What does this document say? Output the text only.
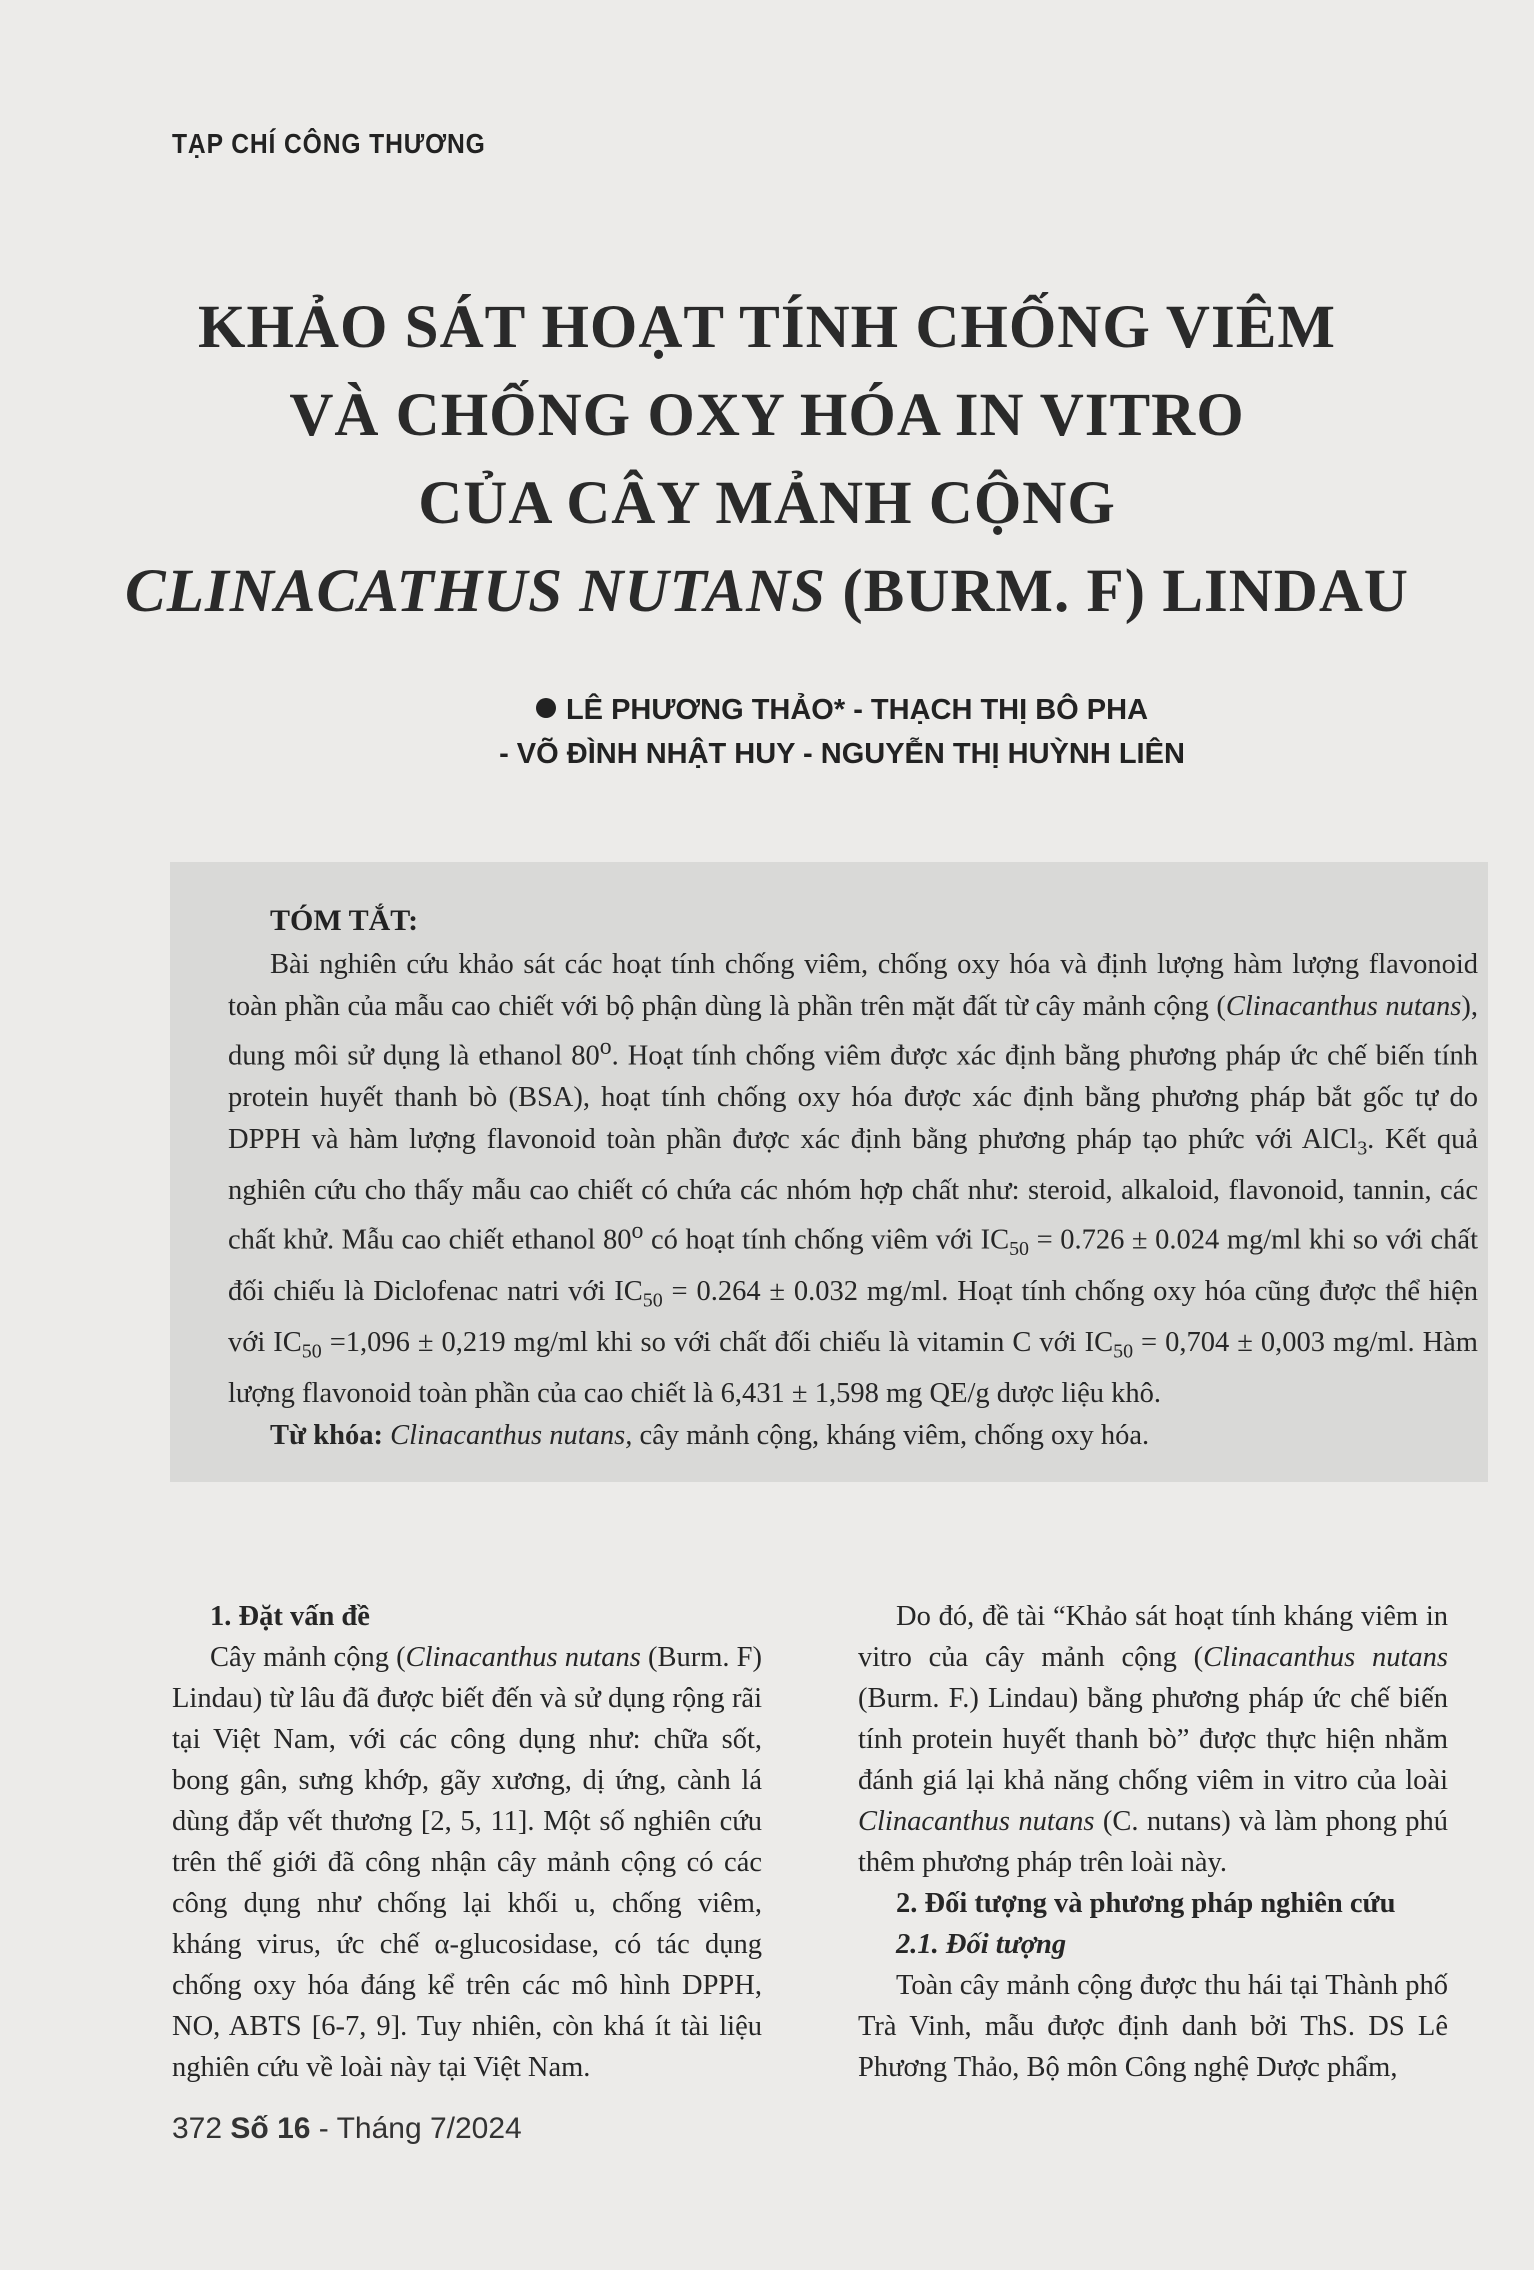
TẠP CHÍ CÔNG THƯƠNG
KHẢO SÁT HOẠT TÍNH CHỐNG VIÊM
VÀ CHỐNG OXY HÓA IN VITRO
CỦA CÂY MẢNH CỘNG
CLINACATHUS NUTANS (BURM. F) LINDAU
LÊ PHƯƠNG THẢO* - THẠCH THỊ BÔ PHA
- VÕ ĐÌNH NHẬT HUY - NGUYỄN THỊ HUỲNH LIÊN
TÓM TẮT:

Bài nghiên cứu khảo sát các hoạt tính chống viêm, chống oxy hóa và định lượng hàm lượng flavonoid toàn phần của mẫu cao chiết với bộ phận dùng là phần trên mặt đất từ cây mảnh cộng (Clinacanthus nutans), dung môi sử dụng là ethanol 80$^o$. Hoạt tính chống viêm được xác định bằng phương pháp ức chế biến tính protein huyết thanh bò (BSA), hoạt tính chống oxy hóa được xác định bằng phương pháp bắt gốc tự do DPPH và hàm lượng flavonoid toàn phần được xác định bằng phương pháp tạo phức với AlCl$_3$. Kết quả nghiên cứu cho thấy mẫu cao chiết có chứa các nhóm hợp chất như: steroid, alkaloid, flavonoid, tannin, các chất khử. Mẫu cao chiết ethanol 80$^o$ có hoạt tính chống viêm với $IC_{50} = 0.726 \pm 0.024$ mg/ml khi so với chất đối chiếu là Diclofenac natri với $IC_{50} = 0.264 \pm 0.032$ mg/ml. Hoạt tính chống oxy hóa cũng được thể hiện với $IC_{50} =1,096 \pm 0,219$ mg/ml khi so với chất đối chiếu là vitamin C với $IC_{50} = 0,704 \pm 0,003$ mg/ml. Hàm lượng flavonoid toàn phần của cao chiết là 6,431 ± 1,598 mg QE/g dược liệu khô.

Từ khóa: Clinacanthus nutans, cây mảnh cộng, kháng viêm, chống oxy hóa.

1. Đặt vấn đề

Cây mảnh cộng (Clinacanthus nutans (Burm. F) Lindau) từ lâu đã được biết đến và sử dụng rộng rãi tại Việt Nam, với các công dụng như: chữa sốt, bong gân, sưng khớp, gãy xương, dị ứng, cành lá dùng đắp vết thương [2, 5, 11]. Một số nghiên cứu trên thế giới đã công nhận cây mảnh cộng có các công dụng như chống lại khối u, chống viêm, kháng virus, ức chế α-glucosidase, có tác dụng chống oxy hóa đáng kể trên các mô hình DPPH, NO, ABTS [6-7, 9]. Tuy nhiên, còn khá ít tài liệu nghiên cứu về loài này tại Việt Nam.

Do đó, đề tài “Khảo sát hoạt tính kháng viêm in vitro của cây mảnh cộng (Clinacanthus nutans (Burm. F.) Lindau) bằng phương pháp ức chế biến tính protein huyết thanh bò” được thực hiện nhằm đánh giá lại khả năng chống viêm in vitro của loài Clinacanthus nutans (C. nutans) và làm phong phú thêm phương pháp trên loài này.

2. Đối tượng và phương pháp nghiên cứu

2.1. Đối tượng

Toàn cây mảnh cộng được thu hái tại Thành phố Trà Vinh, mẫu được định danh bởi ThS. DS Lê Phương Thảo, Bộ môn Công nghệ Dược phẩm,

372 Số 16 - Tháng 7/2024
